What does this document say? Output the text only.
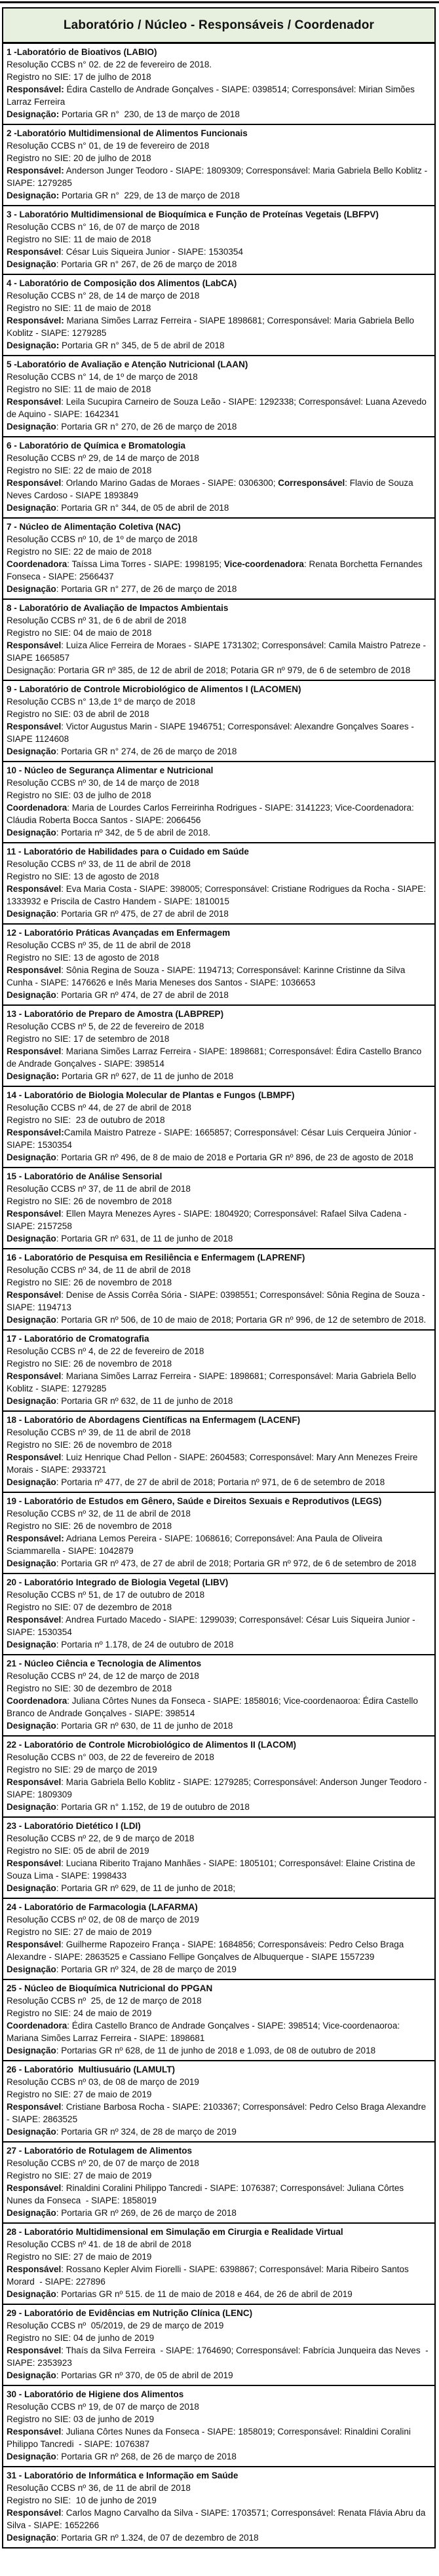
Laboratório / Núcleo - Responsáveis / Coordenador
1 -Laboratório de Bioativos (LABIO)
Resolução CCBS n° 02. de 22 de fevereiro de 2018.
Registro no SIE: 17 de julho de 2018
Responsável: Édira Castello de Andrade Gonçalves - SIAPE: 0398514; Corresponsável: Mirian Simões Larraz Ferreira
Designação: Portaria GR n°  230, de 13 de março de 2018
2 -Laboratório Multidimensional de Alimentos Funcionais
Resolução CCBS n° 01, de 19 de fevereiro de 2018
Registro no SIE: 20 de julho de 2018
Responsável: Anderson Junger Teodoro - SIAPE: 1809309; Corresponsável: Maria Gabriela Bello Koblitz - SIAPE: 1279285
Designação: Portaria GR n°  229, de 13 de março de 2018
3 - Laboratório Multidimensional de Bioquímica e Função de Proteínas Vegetais (LBFPV)
Resolução CCBS n° 16, de 07 de março de 2018
Registro no SIE: 11 de maio de 2018
Responsável: César Luis Siqueira Junior - SIAPE: 1530354
Designação: Portaria GR n° 267, de 26 de março de 2018
4 - Laboratório de Composição dos Alimentos (LabCA)
Resolução CCBS n° 28, de 14 de março de 2018
Registro no SIE: 11 de maio de 2018
Responsável: Mariana Simões Larraz Ferreira - SIAPE 1898681; Corresponsável: Maria Gabriela Bello Koblitz - SIAPE: 1279285
Designação: Portaria GR n° 345, de 5 de abril de 2018
5 -Laboratório de Avaliação e Atenção Nutricional (LAAN)
Resolução CCBS n° 14, de 1º de março de 2018
Registro no SIE: 11 de maio de 2018
Responsável: Leila Sucupira Carneiro de Souza Leão - SIAPE: 1292338; Corresponsável: Luana Azevedo de Aquino - SIAPE: 1642341
Designação: Portaria GR n° 270, de 26 de março de 2018
6 - Laboratório de Química e Bromatologia
Resolução CCBS nº 29, de 14 de março de 2018
Registro no SIE: 22 de maio de 2018
Responsável: Orlando Marino Gadas de Moraes - SIAPE: 0306300; Corresponsável: Flavio de Souza Neves Cardoso - SIAPE 1893849
Designação: Portaria GR n° 344, de 05 de abril de 2018
7 - Núcleo de Alimentação Coletiva (NAC)
Resolução CCBS nº 10, de 1º de março de 2018
Registro no SIE: 22 de maio de 2018
Coordenadora: Taíssa Lima Torres - SIAPE: 1998195; Vice-coordenadora: Renata Borchetta Fernandes Fonseca - SIAPE: 2566437
Designação: Portaria GR n° 277, de 26 de março de 2018
8 - Laboratório de Avaliação de Impactos Ambientais
Resolução CCBS nº 31, de 6 de abril de 2018
Registro no SIE: 04 de maio de 2018
Responsável: Luiza Alice Ferreira de Moraes - SIAPE 1731302; Corresponsável: Camila Maistro Patreze - SIAPE 1665857
Designação: Portaria GR nº 385, de 12 de abril de 2018; Potaria GR nº 979, de 6 de setembro de 2018
9 - Laboratório de Controle Microbiológico de Alimentos I (LACOMEN)
Resolução CCBS n° 13,de 1º de março de 2018
Registro no SIE: 03 de abril de 2018
Responsável: Victor Augustus Marin - SIAPE 1946751; Corresponsável: Alexandre Gonçalves Soares - SIAPE 1124608
Designação: Portaria GR n° 274, de 26 de março de 2018
10 - Núcleo de Segurança Alimentar e Nutricional
Resolução CCBS nº 30, de 14 de março de 2018
Registro no SIE: 03 de julho de 2018
Coordenadora: Maria de Lourdes Carlos Ferreirinha Rodrigues - SIAPE: 3141223; Vice-Coordenadora: Cláudia Roberta Bocca Santos - SIAPE: 2066456
Designação: Portaria nº 342, de 5 de abril de 2018.
11 - Laboratório de Habilidades para o Cuidado em Saúde
Resolução CCBS nº 33, de 11 de abril de 2018
Registro no SIE: 13 de agosto de 2018
Responsável: Eva Maria Costa - SIAPE: 398005; Corresponsável: Cristiane Rodrigues da Rocha - SIAPE: 1333932 e Priscila de Castro Handem - SIAPE: 1810015
Designação: Portaria GR nº 475, de 27 de abril de 2018
12 - Laboratório Práticas Avançadas em Enfermagem
Resolução CCBS nº 35, de 11 de abril de 2018
Registro no SIE: 13 de agosto de 2018
Responsável: Sônia Regina de Souza - SIAPE: 1194713; Corresponsável: Karinne Cristinne da Silva Cunha - SIAPE: 1476626 e Inês Maria Meneses dos Santos - SIAPE: 1036653
Designação: Portaria GR nº 474, de 27 de abril de 2018
13 - Laboratório de Preparo de Amostra (LABPREP)
Resolução CCBS nº 5, de 22 de fevereiro de 2018
Registro no SIE: 17 de setembro de 2018
Responsável: Mariana Simões Larraz Ferreira - SIAPE: 1898681; Corresponsável: Édira Castello Branco de Andrade Gonçalves - SIAPE: 398514
Designação: Portaria GR nº 627, de 11 de junho de 2018
14 - Laboratório de Biologia Molecular de Plantas e Fungos (LBMPF)
Resolução CCBS nº 44, de 27 de abril de 2018
Registro no SIE:  23 de outubro de 2018
Responsável:Camila Maistro Patreze - SIAPE: 1665857; Corresponsável: César Luis Cerqueira Júnior - SIAPE: 1530354
Designação: Portaria GR nº 496, de 8 de maio de 2018 e Portaria GR nº 896, de 23 de agosto de 2018
15 - Laboratório de Análise Sensorial
Resolução CCBS nº 37, de 11 de abril de 2018
Registro no SIE: 26 de novembro de 2018
Responsável: Ellen Mayra Menezes Ayres - SIAPE: 1804920; Corresponsável: Rafael Silva Cadena - SIAPE: 2157258
Designação: Portaria GR nº 631, de 11 de junho de 2018
16 - Laboratório de Pesquisa em Resiliência e Enfermagem (LAPRENF)
Resolução CCBS nº 34, de 11 de abril de 2018
Registro no SIE: 26 de novembro de 2018
Responsável: Denise de Assis Corrêa Sória - SIAPE: 0398551; Corresponsável: Sônia Regina de Souza - SIAPE: 1194713
Designação: Portaria GR nº 506, de 10 de maio de 2018; Portaria GR nº 996, de 12 de setembro de 2018.
17 - Laboratório de Cromatografia
Resolução CCBS nº 4, de 22 de fevereiro de 2018
Registro no SIE: 26 de novembro de 2018
Responsável: Mariana Simões Larraz Ferreira - SIAPE: 1898681; Corresponsável: Maria Gabriela Bello Koblitz - SIAPE: 1279285
Designação: Portaria GR nº 632, de 11 de junho de 2018
18 - Laboratório de Abordagens Científicas na Enfermagem (LACENF)
Resolução CCBS nº 39, de 11 de abril de 2018
Registro no SIE: 26 de novembro de 2018
Responsável: Luiz Henrique Chad Pellon - SIAPE: 2604583; Corresponsável: Mary Ann Menezes Freire Morais - SIAPE: 2933721
Designação: Portaria nº 477, de 27 de abril de 2018; Portaria nº 971, de 6 de setembro de 2018
19 - Laboratório de Estudos em Gênero, Saúde e Direitos Sexuais e Reprodutivos (LEGS)
Resolução CCBS nº 32, de 11 de abril de 2018
Registro no SIE: 26 de novembro de 2018
Responsável: Adriana Lemos Pereira - SIAPE: 1068616; Correponsável: Ana Paula de Oliveira Sciammarella - SIAPE: 1042879
Designação: Portaria GR nº 473, de 27 de abril de 2018; Portaria GR nº 972, de 6 de setembro de 2018
20 - Laboratório Integrado de Biologia Vegetal (LIBV)
Resolução CCBS nº 51, de 17 de outubro de 2018
Registro no SIE: 07 de dezembro de 2018
Responsável: Andrea Furtado Macedo - SIAPE: 1299039; Corresponsável: César Luis Siqueira Junior - SIAPE: 1530354
Designação: Portaria nº 1.178, de 24 de outubro de 2018
21 - Núcleo Ciência e Tecnologia de Alimentos
Resolução CCBS nº 24, de 12 de março de 2018
Registro no SIE: 30 de dezembro de 2018
Coordenadora: Juliana Côrtes Nunes da Fonseca - SIAPE: 1858016; Vice-coordenaoroa: Édira Castello Branco de Andrade Gonçalves - SIAPE: 398514
Designação: Portaria GR nº 630, de 11 de junho de 2018
22 - Laboratório de Controle Microbiológico de Alimentos II (LACOM)
Resolução CCBS n° 003, de 22 de fevereiro de 2018
Registro no SIE: 29 de março de 2019
Responsável: Maria Gabriela Bello Koblitz - SIAPE: 1279285; Corresponsável: Anderson Junger Teodoro - SIAPE: 1809309
Designação: Portaria GR n° 1.152, de 19 de outubro de 2018
23 - Laboratório Dietético I (LDI)
Resolução CCBS nº 22, de 9 de março de 2018
Registro no SIE: 05 de abril de 2019
Responsável: Luciana Riberito Trajano Manhães - SIAPE: 1805101; Corresponsável: Elaine Cristina de Souza Lima - SIAPE: 1998433
Designação: Portaria GR nº 629, de 11 de junho de 2018;
24 - Laboratório de Farmacologia (LAFARMA)
Resolução CCBS nº 02, de 08 de março de 2019
Registro no SIE: 27 de maio de 2019
Responsável: Guilherme Rapozeiro França - SIAPE: 1684856; Corresponsáveis: Pedro Celso Braga Alexandre - SIAPE: 2863525 e Cassiano Fellipe Gonçalves de Albuquerque - SIAPE 1557239
Designação: Portaria GR nº 324, de 28 de março de 2019
25 - Núcleo de Bioquímica Nutricional do PPGAN
Resolução CCBS nº  25, de 12 de março de 2018
Registro no SIE: 24 de maio de 2019
Coordenadora: Édira Castello Branco de Andrade Gonçalves - SIAPE: 398514; Vice-coordenaoroa: Mariana Simões Larraz Ferreira - SIAPE: 1898681
Designação: Portarias GR nº 628, de 11 de junho de 2018 e 1.093, de 08 de outubro de 2018
26 - Laboratório  Multiusuário (LAMULT)
Resolução CCBS nº 03, de 08 de março de 2019
Registro no SIE: 27 de maio de 2019
Responsável: Cristiane Barbosa Rocha - SIAPE: 2103367; Corresponsável: Pedro Celso Braga Alexandre  - SIAPE: 2863525
Designação: Portaria GR nº 324, de 28 de março de 2019
27 - Laboratório de Rotulagem de Alimentos
Resolução CCBS nº 20, de 07 de março de 2018
Registro no SIE: 27 de maio de 2019
Responsável: Rinaldini Coralini Philippo Tancredi - SIAPE: 1076387; Corresponsável: Juliana Côrtes Nunes da Fonseca  - SIAPE: 1858019
Designação: Portaria GR nº 269, de 26 de março de 2018
28 - Laboratório Multidimensional em Simulação em Cirurgia e Realidade Virtual
Resolução CCBS nº 41. de 18 de abril de 2018
Registro no SIE: 27 de maio de 2019
Responsável: Rossano Kepler Alvim Fiorelli - SIAPE: 6398867; Corresponsável: Maria Ribeiro Santos Morard  - SIAPE: 227896
Designação: Portarias GR nº 515. de 11 de maio de 2018 e 464, de 26 de abril de 2019
29 - Laboratório de Evidências em Nutrição Clínica (LENC)
Resolução CCBS nº  05/2019, de 29 de março de 2019
Registro no SIE: 04 de junho de 2019
Responsável: Thaís da Silva Ferreira  - SIAPE: 1764690; Corresponsável: Fabrícia Junqueira das Neves  - SIAPE: 2353923
Designação: Portarias GR nº 370, de 05 de abril de 2019
30 - Laboratório de Higiene dos Alimentos
Resolução CCBS nº 19, de 07 de março de 2018
Registro no SIE: 03 de junho de 2019
Responsável: Juliana Côrtes Nunes da Fonseca - SIAPE: 1858019; Corresponsável: Rinaldini Coralini Philippo Tancredi  - SIAPE: 1076387
Designação: Portaria GR nº 268, de 26 de março de 2018
31 - Laboratório de Informática e Informação em Saúde
Resolução CCBS nº 36, de 11 de abril de 2018
Registro no SIE:  10 de junho de 2019
Responsável: Carlos Magno Carvalho da Silva - SIAPE: 1703571; Corresponsável: Renata Flávia Abru da Silva - SIAPE: 1652266
Designação: Portaria GR nº 1.324, de 07 de dezembro de 2018
